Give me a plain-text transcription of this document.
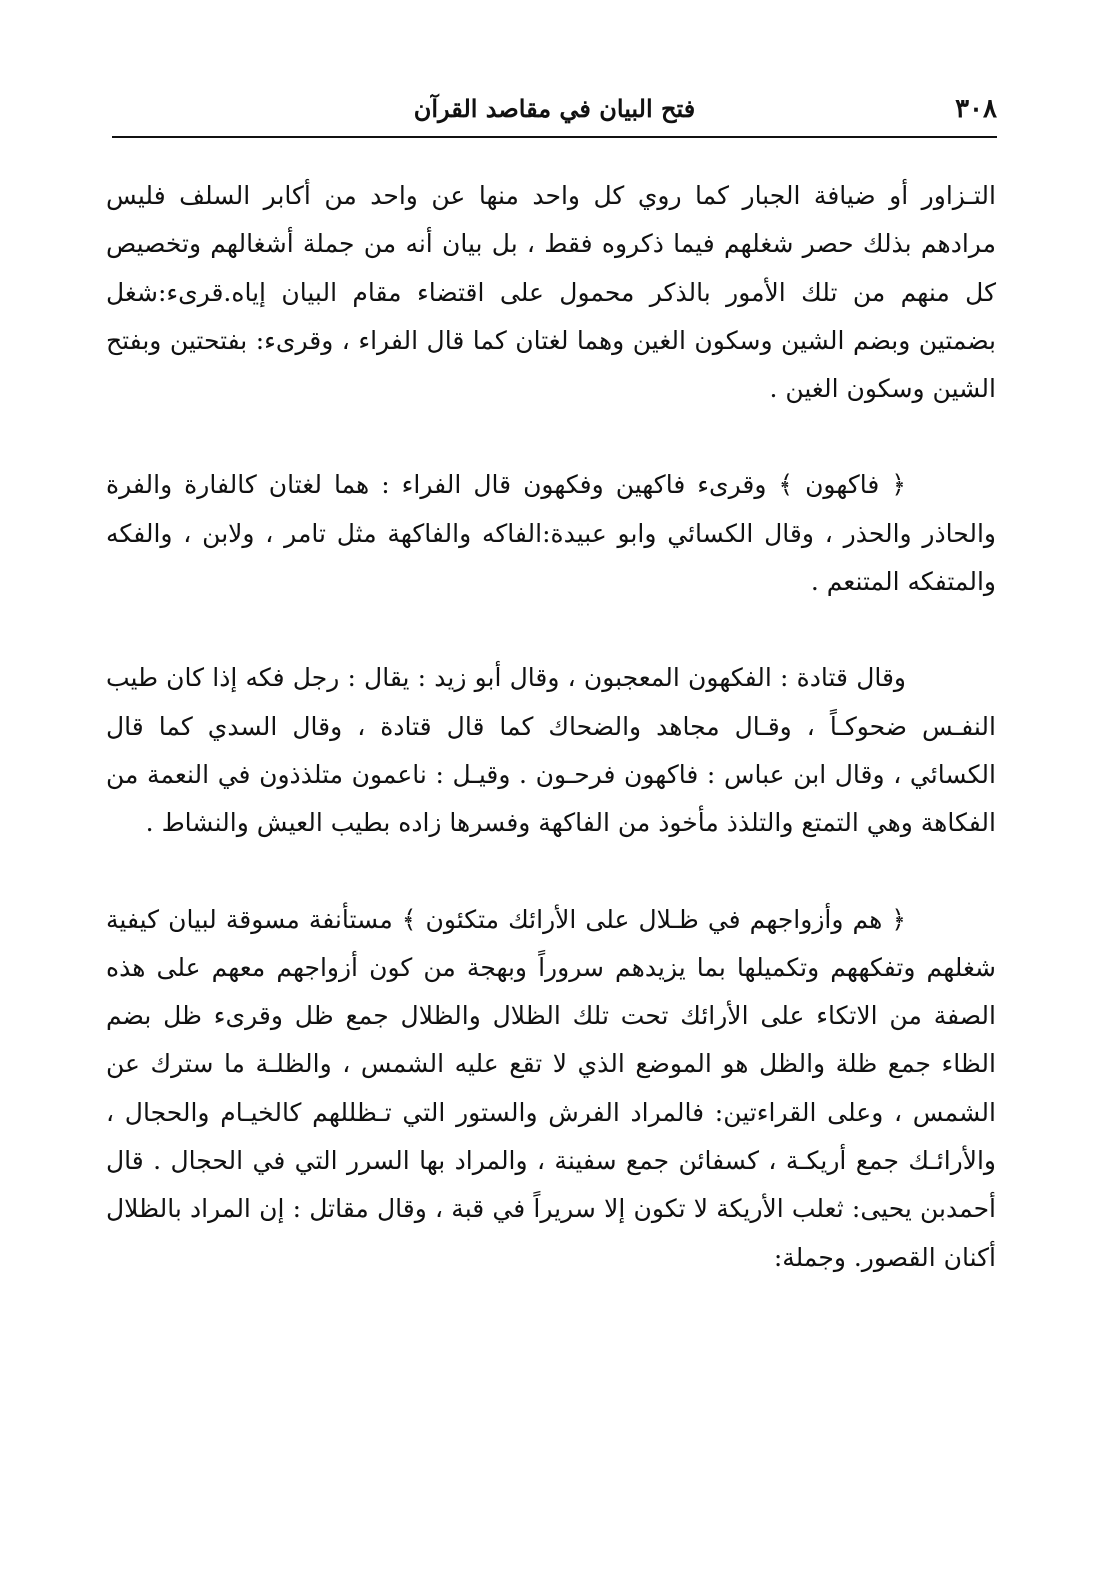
٣٠٨
فتح البيان في مقاصد القرآن

التـزاور أو ضيافة الجبار كما روي كل واحد منها عن واحد من أكابر السلف فليس مرادهم بذلك حصر شغلهم فيما ذكروه فقط ، بل بيان أنه من جملة أشغالهم وتخصيص كل منهم من تلك الأمور بالذكر محمول على اقتضاء مقام البيان إياه.قرىء:شغل بضمتين وبضم الشين وسكون الغين وهما لغتان كما قال الفراء ، وقرىء: بفتحتين وبفتح الشين وسكون الغين .

﴿ فاكهون ﴾ وقرىء فاكهين وفكهون قال الفراء : هما لغتان كالفارة والفرة والحاذر والحذر ، وقال الكسائي وابو عبيدة:الفاكه والفاكهة مثل تامر ، ولابن ، والفكه والمتفكه المتنعم .

وقال قتادة : الفكهون المعجبون ، وقال أبو زيد : يقال : رجل فكه إذا كان طيب النفـس ضحوكـاً ، وقـال مجاهد والضحاك كما قال قتادة ، وقال السدي كما قال الكسائي ، وقال ابن عباس : فاكهون فرحـون . وقيـل : ناعمون متلذذون في النعمة من الفكاهة وهي التمتع والتلذذ مأخوذ من الفاكهة وفسرها زاده بطيب العيش والنشاط .

﴿ هم وأزواجهم في ظـلال على الأرائك متكئون ﴾ مستأنفة مسوقة لبيان كيفية شغلهم وتفكههم وتكميلها بما يزيدهم سروراً وبهجة من كون أزواجهم معهم على هذه الصفة من الاتكاء على الأرائك تحت تلك الظلال والظلال جمع ظل وقرىء ظل بضم الظاء جمع ظلة والظل هو الموضع الذي لا تقع عليه الشمس ، والظلـة ما سترك عن الشمس ، وعلى القراءتين: فالمراد الفرش والستور التي تـظللهم كالخيـام والحجال ، والأرائـك جمع أريكـة ، كسفائن جمع سفينة ، والمراد بها السرر التي في الحجال . قال أحمدبن يحيى: ثعلب الأريكة لا تكون إلا سريراً في قبة ، وقال مقاتل : إن المراد بالظلال أكنان القصور. وجملة:
